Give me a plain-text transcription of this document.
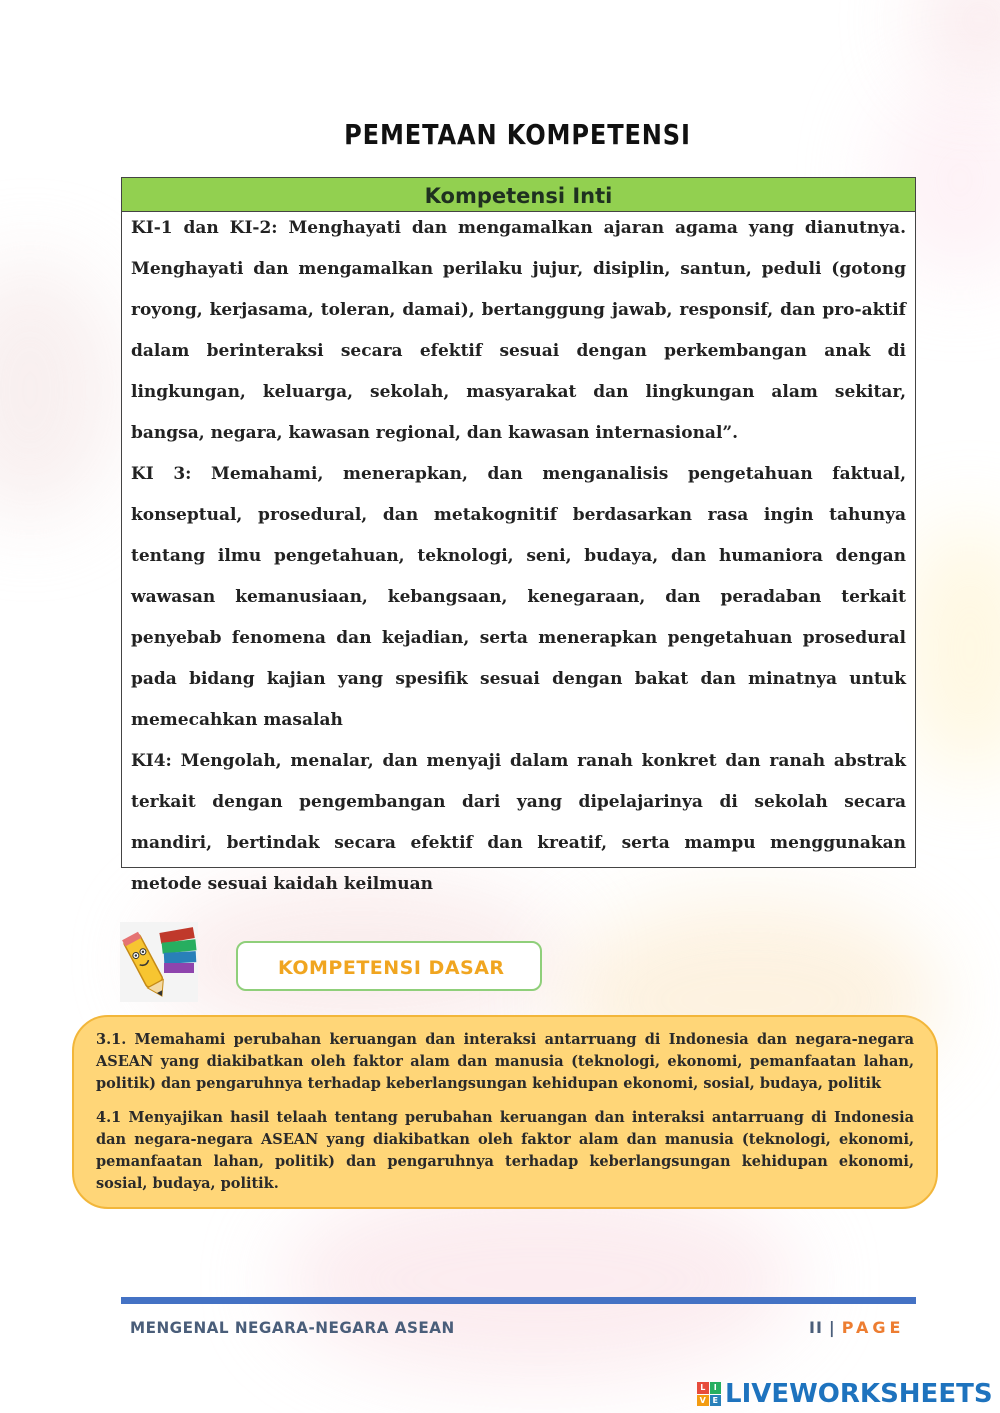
PEMETAAN KOMPETENSI
Kompetensi Inti

KI-1 dan KI-2: Menghayati dan mengamalkan ajaran agama yang dianutnya. Menghayati dan mengamalkan perilaku jujur, disiplin, santun, peduli (gotong royong, kerjasama, toleran, damai), bertanggung jawab, responsif, dan pro-aktif dalam berinteraksi secara efektif sesuai dengan perkembangan anak di lingkungan, keluarga, sekolah, masyarakat dan lingkungan alam sekitar, bangsa, negara, kawasan regional, dan kawasan internasional”.

KI 3: Memahami, menerapkan, dan menganalisis pengetahuan faktual, konseptual, prosedural, dan metakognitif berdasarkan rasa ingin tahunya tentang ilmu pengetahuan, teknologi, seni, budaya, dan humaniora dengan wawasan kemanusiaan, kebangsaan, kenegaraan, dan peradaban terkait penyebab fenomena dan kejadian, serta menerapkan pengetahuan prosedural pada bidang kajian yang spesifik sesuai dengan bakat dan minatnya untuk memecahkan masalah

KI4: Mengolah, menalar, dan menyaji dalam ranah konkret dan ranah abstrak terkait dengan pengembangan dari yang dipelajarinya di sekolah secara mandiri, bertindak secara efektif dan kreatif, serta mampu menggunakan metode sesuai kaidah keilmuan

KOMPETENSI DASAR

3.1. Memahami perubahan keruangan dan interaksi antarruang di Indonesia dan negara-negara ASEAN yang diakibatkan oleh faktor alam dan manusia (teknologi, ekonomi, pemanfaatan lahan, politik) dan pengaruhnya terhadap keberlangsungan kehidupan ekonomi, sosial, budaya, politik

4.1 Menyajikan hasil telaah tentang perubahan keruangan dan interaksi antarruang di Indonesia dan negara-negara ASEAN yang diakibatkan oleh faktor alam dan manusia (teknologi, ekonomi, pemanfaatan lahan, politik) dan pengaruhnya terhadap keberlangsungan kehidupan ekonomi, sosial, budaya, politik.

MENGENAL NEGARA-NEGARA ASEAN	II | PAGE
L	I
V E LIVEWORKSHEETS
